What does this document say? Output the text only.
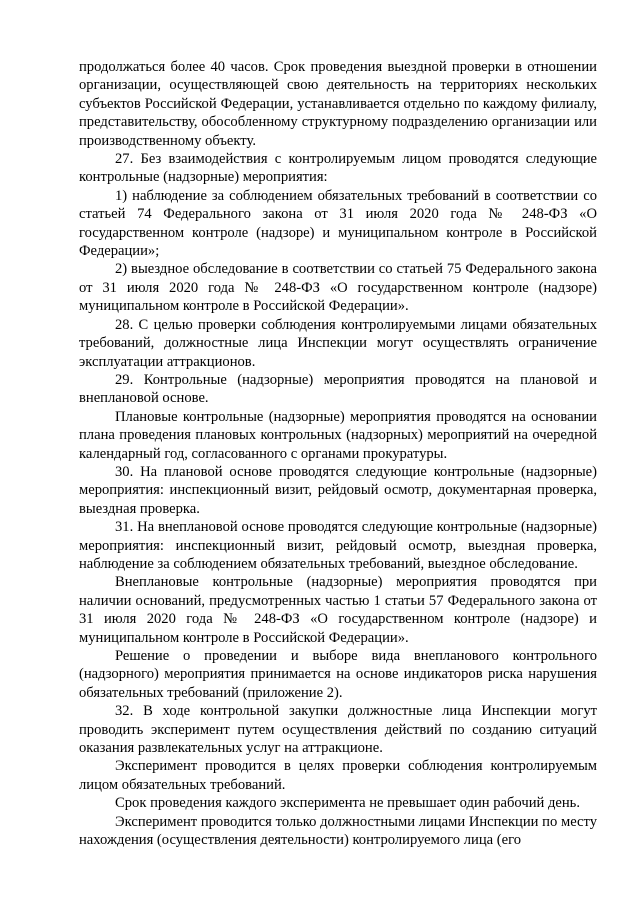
продолжаться более 40 часов. Срок проведения выездной проверки в отношении организации, осуществляющей свою деятельность на территориях нескольких субъектов Российской Федерации, устанавливается отдельно по каждому филиалу, представительству, обособленному структурному подразделению организации или производственному объекту.

27. Без взаимодействия с контролируемым лицом проводятся следующие контрольные (надзорные) мероприятия:

1) наблюдение за соблюдением обязательных требований в соответствии со статьей 74 Федерального закона от 31 июля 2020 года № 248-ФЗ «О государственном контроле (надзоре) и муниципальном контроле в Российской Федерации»;

2) выездное обследование в соответствии со статьей 75 Федерального закона от 31 июля 2020 года № 248-ФЗ «О государственном контроле (надзоре) муниципальном контроле в Российской Федерации».

28. С целью проверки соблюдения контролируемыми лицами обязательных требований, должностные лица Инспекции могут осуществлять ограничение эксплуатации аттракционов.

29. Контрольные (надзорные) мероприятия проводятся на плановой и внеплановой основе.

Плановые контрольные (надзорные) мероприятия проводятся на основании плана проведения плановых контрольных (надзорных) мероприятий на очередной календарный год, согласованного с органами прокуратуры.

30. На плановой основе проводятся следующие контрольные (надзорные) мероприятия: инспекционный визит, рейдовый осмотр, документарная проверка, выездная проверка.

31. На внеплановой основе проводятся следующие контрольные (надзорные) мероприятия: инспекционный визит, рейдовый осмотр, выездная проверка, наблюдение за соблюдением обязательных требований, выездное обследование.

Внеплановые контрольные (надзорные) мероприятия проводятся при наличии оснований, предусмотренных частью 1 статьи 57 Федерального закона от 31 июля 2020 года № 248-ФЗ «О государственном контроле (надзоре) и муниципальном контроле в Российской Федерации».

Решение о проведении и выборе вида внепланового контрольного (надзорного) мероприятия принимается на основе индикаторов риска нарушения обязательных требований (приложение 2).

32. В ходе контрольной закупки должностные лица Инспекции могут проводить эксперимент путем осуществления действий по созданию ситуаций оказания развлекательных услуг на аттракционе.

Эксперимент проводится в целях проверки соблюдения контролируемым лицом обязательных требований.

Срок проведения каждого эксперимента не превышает один рабочий день.

Эксперимент проводится только должностными лицами Инспекции по месту нахождения (осуществления деятельности) контролируемого лица (его
